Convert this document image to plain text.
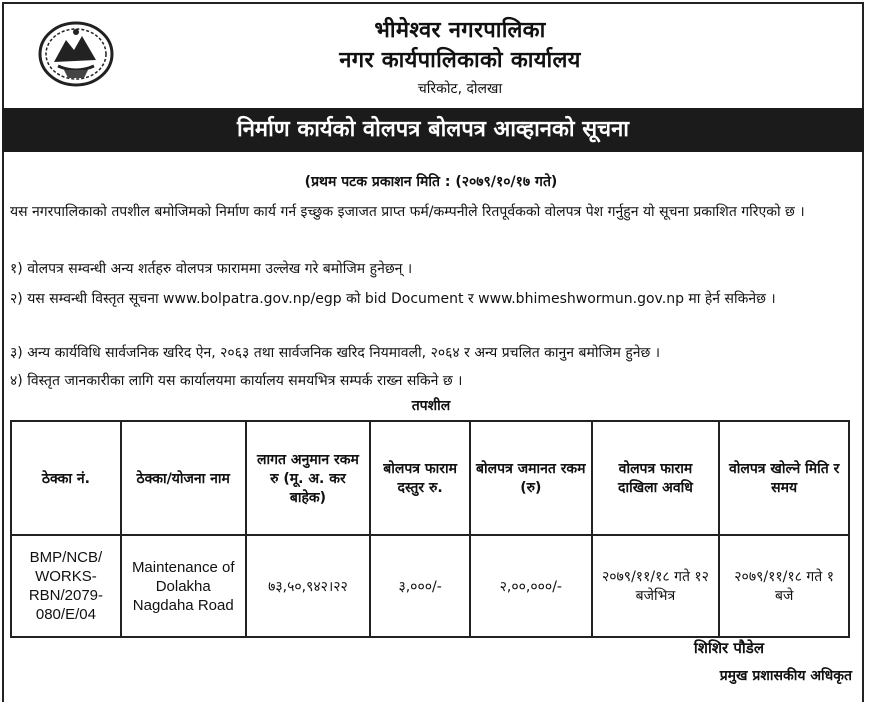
भीमेश्वर नगरपालिका
नगर कार्यपालिकाको कार्यालय
चरिकोट, दोलखा
निर्माण कार्यको वोलपत्र बोलपत्र आव्हानको सूचना
(प्रथम पटक प्रकाशन मिति : (२०७९/१०/१७ गते)
यस नगरपालिकाको तपशील बमोजिमको निर्माण कार्य गर्न इच्छुक इजाजत प्राप्त फर्म/कम्पनीले रितपूर्वकको वोलपत्र पेश गर्नुहुन यो सूचना प्रकाशित गरिएको छ ।
१) वोलपत्र सम्वन्धी अन्य शर्तहरु वोलपत्र फाराममा उल्लेख गरे बमोजिम हुनेछन् ।
२) यस सम्वन्धी विस्तृत सूचना www.bolpatra.gov.np/egp को bid Document र www.bhimeshwormun.gov.np मा हेर्न सकिनेछ ।
३) अन्य कार्यविधि सार्वजनिक खरिद ऐन, २०६३ तथा सार्वजनिक खरिद नियमावली, २०६४ र अन्य प्रचलित कानुन बमोजिम हुनेछ ।
४) विस्तृत जानकारीका लागि यस कार्यालयमा कार्यालय समयभित्र सम्पर्क राख्न सकिने छ ।
तपशील
ठेक्का नं.	ठेक्का/योजना नाम	लागत अनुमान रकम रु (मू. अ. कर बाहेक)	बोलपत्र फाराम दस्तुर रु.	बोलपत्र जमानत रकम (रु)	वोलपत्र फाराम दाखिला अवधि	वोलपत्र खोल्ने मिति र समय
BMP/NCB/ WORKS- RBN/2079- 080/E/04	Maintenance of Dolakha Nagdaha Road	७३,५०,९४२।२२	३,०००/-	२,००,०००/-	२०७९/११/१८ गते १२ बजेभित्र	२०७९/११/१८ गते १ बजे
शिशिर पौडेल
प्रमुख प्रशासकीय अधिकृत
